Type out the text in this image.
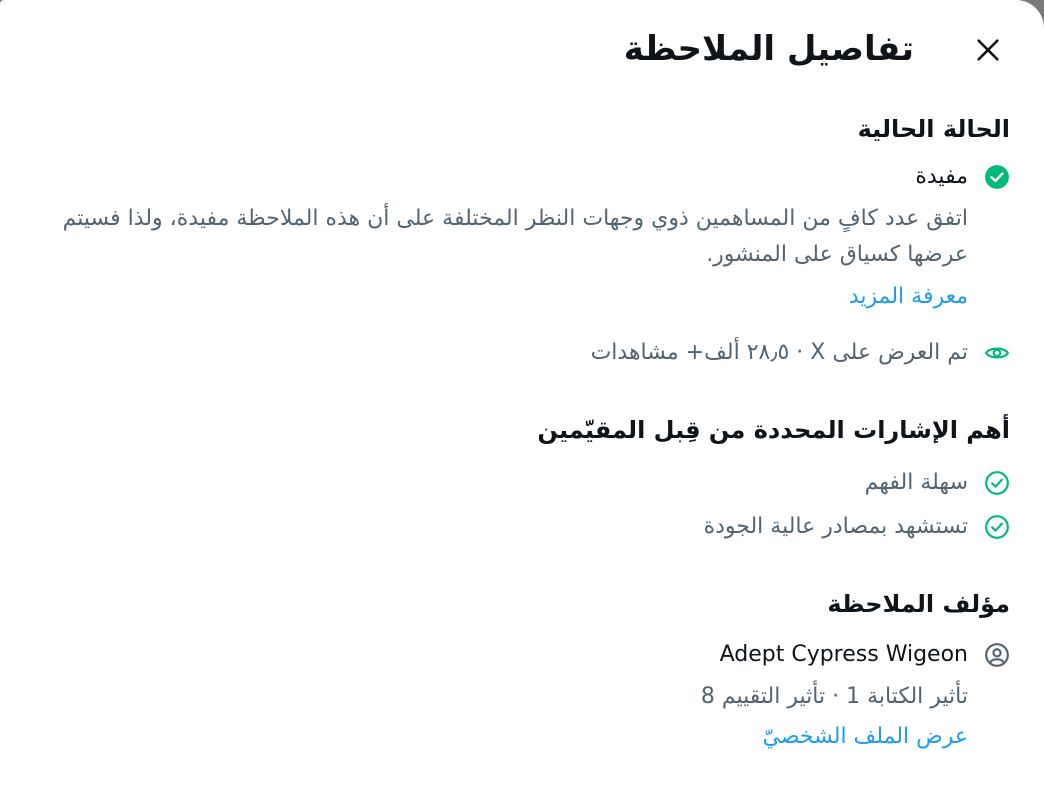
تفاصيل الملاحظة
الحالة الحالية
مفيدة

اتفق عدد كافٍ من المساهمين ذوي وجهات النظر المختلفة على أن هذه الملاحظة مفيدة، ولذا فسيتم عرضها كسياق على المنشور.

معرفة المزيد
تم العرض على X · ٢٨٫٥ ألف+ مشاهدات
أهم الإشارات المحددة من قِبل المقيّمين
سهلة الفهم
تستشهد بمصادر عالية الجودة
مؤلف الملاحظة
Adept Cypress Wigeon
تأثير الكتابة 1 · تأثير التقييم 8
عرض الملف الشخصيّ
